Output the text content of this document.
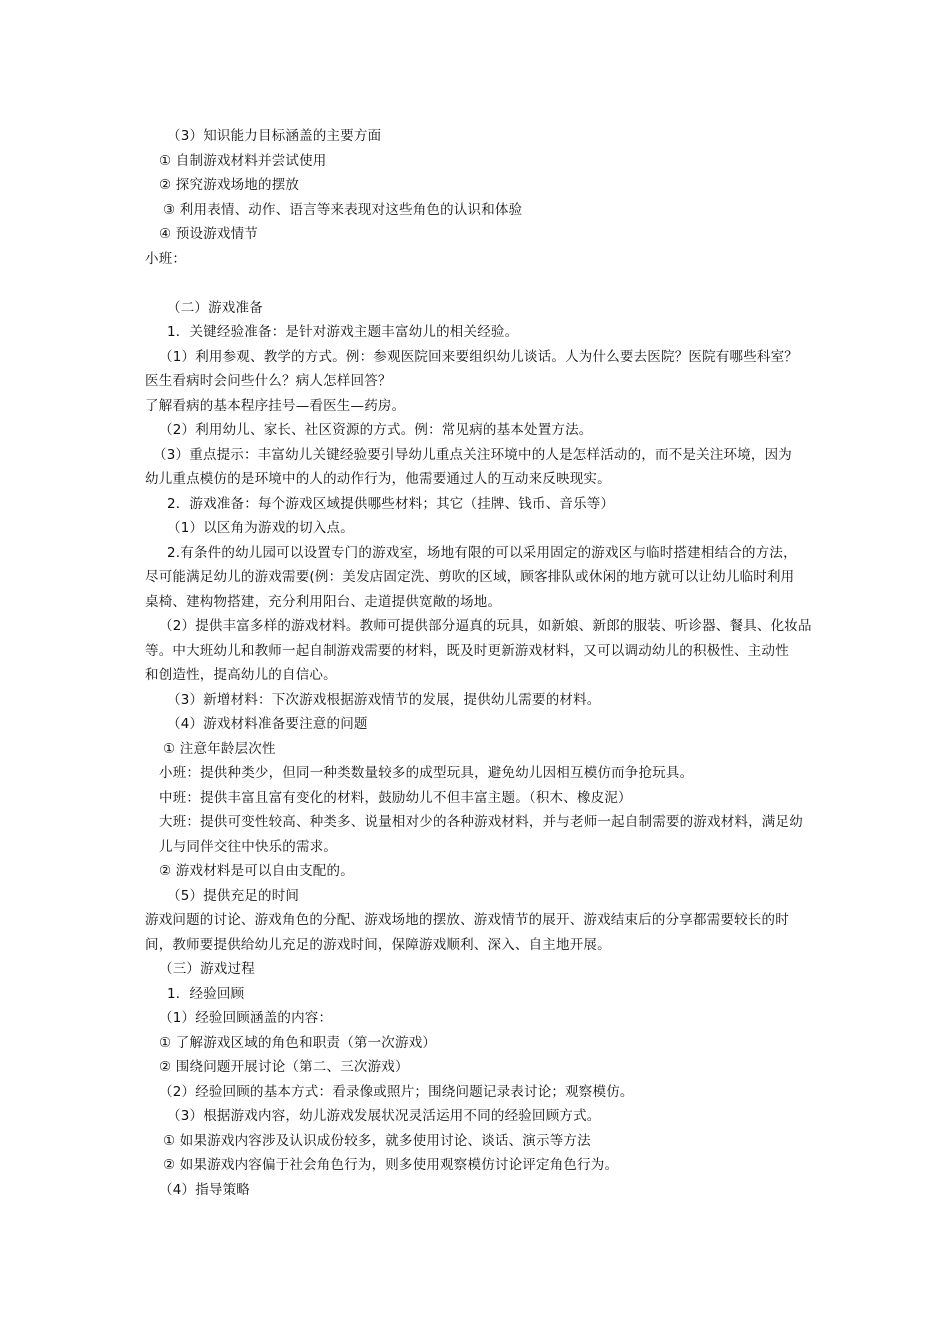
（3）知识能力目标涵盖的主要方面
① 自制游戏材料并尝试使用
② 探究游戏场地的摆放
③ 利用表情、动作、语言等来表现对这些角色的认识和体验
④ 预设游戏情节
小班：
（二）游戏准备
1．关键经验准备：是针对游戏主题丰富幼儿的相关经验。
（1）利用参观、教学的方式。例：参观医院回来要组织幼儿谈话。人为什么要去医院？医院有哪些科室？
医生看病时会问些什么？病人怎样回答？
了解看病的基本程序挂号—看医生—药房。
（2）利用幼儿、家长、社区资源的方式。例：常见病的基本处置方法。
（3）重点提示：丰富幼儿关键经验要引导幼儿重点关注环境中的人是怎样活动的，而不是关注环境，因为
幼儿重点模仿的是环境中的人的动作行为，他需要通过人的互动来反映现实。
2．游戏准备：每个游戏区域提供哪些材料；其它（挂牌、钱币、音乐等）
（1）以区角为游戏的切入点。
2.有条件的幼儿园可以设置专门的游戏室，场地有限的可以采用固定的游戏区与临时搭建相结合的方法，
尽可能满足幼儿的游戏需要(例：美发店固定洗、剪吹的区域，顾客排队或休闲的地方就可以让幼儿临时利用
桌椅、建构物搭建，充分利用阳台、走道提供宽敞的场地。
（2）提供丰富多样的游戏材料。教师可提供部分逼真的玩具，如新娘、新郎的服装、听诊器、餐具、化妆品
等。中大班幼儿和教师一起自制游戏需要的材料，既及时更新游戏材料，又可以调动幼儿的积极性、主动性
和创造性，提高幼儿的自信心。
（3）新增材料：下次游戏根据游戏情节的发展，提供幼儿需要的材料。
（4）游戏材料准备要注意的问题
① 注意年龄层次性
小班：提供种类少，但同一种类数量较多的成型玩具，避免幼儿因相互模仿而争抢玩具。
中班：提供丰富且富有变化的材料，鼓励幼儿不但丰富主题。（积木、橡皮泥）
大班：提供可变性较高、种类多、说量相对少的各种游戏材料，并与老师一起自制需要的游戏材料，满足幼
儿与同伴交往中快乐的需求。
② 游戏材料是可以自由支配的。
（5）提供充足的时间
游戏问题的讨论、游戏角色的分配、游戏场地的摆放、游戏情节的展开、游戏结束后的分享都需要较长的时
间，教师要提供给幼儿充足的游戏时间，保障游戏顺利、深入、自主地开展。
（三）游戏过程
1．经验回顾
（1）经验回顾涵盖的内容：
① 了解游戏区域的角色和职责（第一次游戏）
② 围绕问题开展讨论（第二、三次游戏）
（2）经验回顾的基本方式：看录像或照片；围绕问题记录表讨论；观察模仿。
（3）根据游戏内容，幼儿游戏发展状况灵活运用不同的经验回顾方式。
① 如果游戏内容涉及认识成份较多，就多使用讨论、谈话、演示等方法
② 如果游戏内容偏于社会角色行为，则多使用观察模仿讨论评定角色行为。
（4）指导策略
